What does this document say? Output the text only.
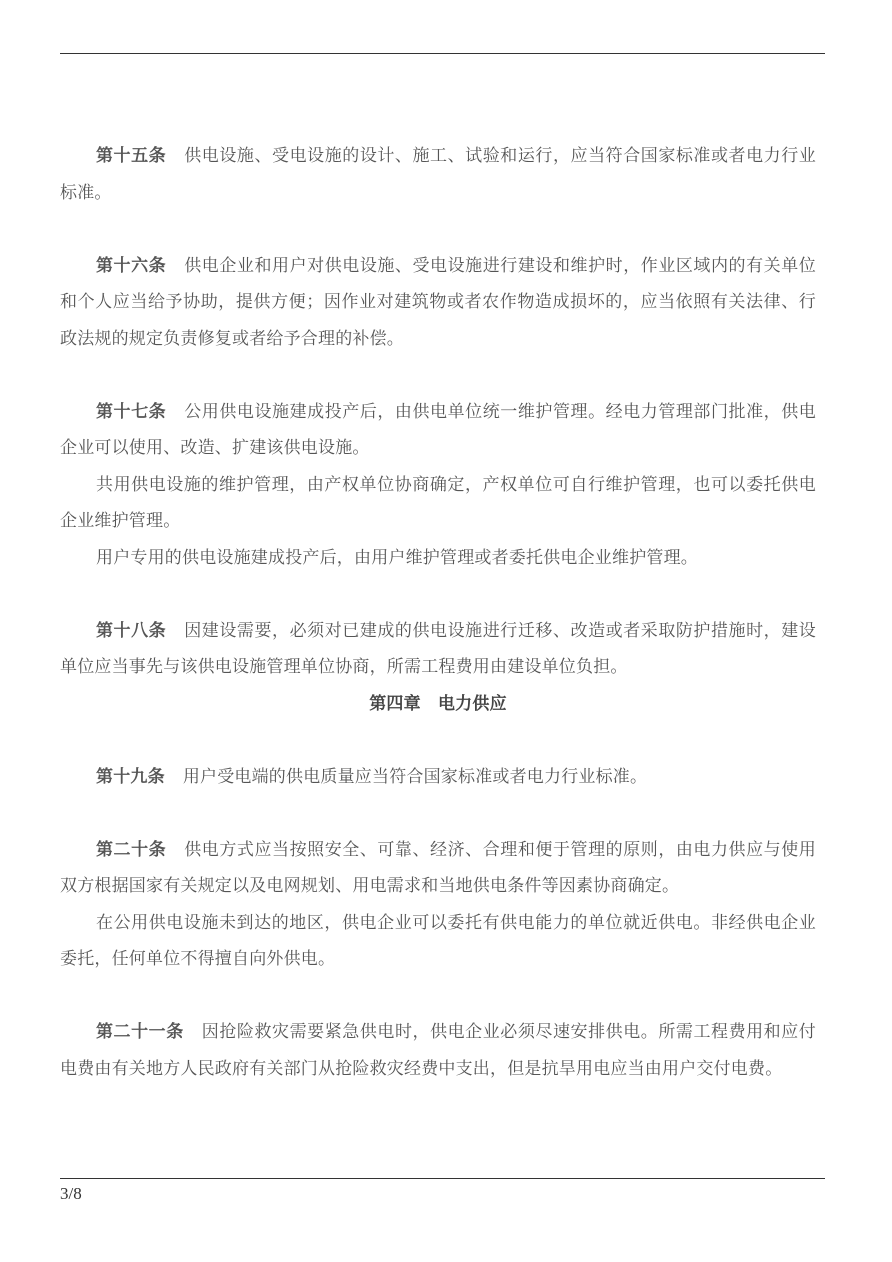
第十五条 供电设施、受电设施的设计、施工、试验和运行，应当符合国家标准或者电力行业标准。

第十六条 供电企业和用户对供电设施、受电设施进行建设和维护时，作业区域内的有关单位和个人应当给予协助，提供方便；因作业对建筑物或者农作物造成损坏的，应当依照有关法律、行政法规的规定负责修复或者给予合理的补偿。

第十七条 公用供电设施建成投产后，由供电单位统一维护管理。经电力管理部门批准，供电企业可以使用、改造、扩建该供电设施。

共用供电设施的维护管理，由产权单位协商确定，产权单位可自行维护管理，也可以委托供电企业维护管理。

用户专用的供电设施建成投产后，由用户维护管理或者委托供电企业维护管理。

第十八条 因建设需要，必须对已建成的供电设施进行迁移、改造或者采取防护措施时，建设单位应当事先与该供电设施管理单位协商，所需工程费用由建设单位负担。

第四章　电力供应

第十九条 用户受电端的供电质量应当符合国家标准或者电力行业标准。

第二十条 供电方式应当按照安全、可靠、经济、合理和便于管理的原则，由电力供应与使用双方根据国家有关规定以及电网规划、用电需求和当地供电条件等因素协商确定。

在公用供电设施未到达的地区，供电企业可以委托有供电能力的单位就近供电。非经供电企业委托，任何单位不得擅自向外供电。

第二十一条 因抢险救灾需要紧急供电时，供电企业必须尽速安排供电。所需工程费用和应付电费由有关地方人民政府有关部门从抢险救灾经费中支出，但是抗旱用电应当由用户交付电费。

3/8
